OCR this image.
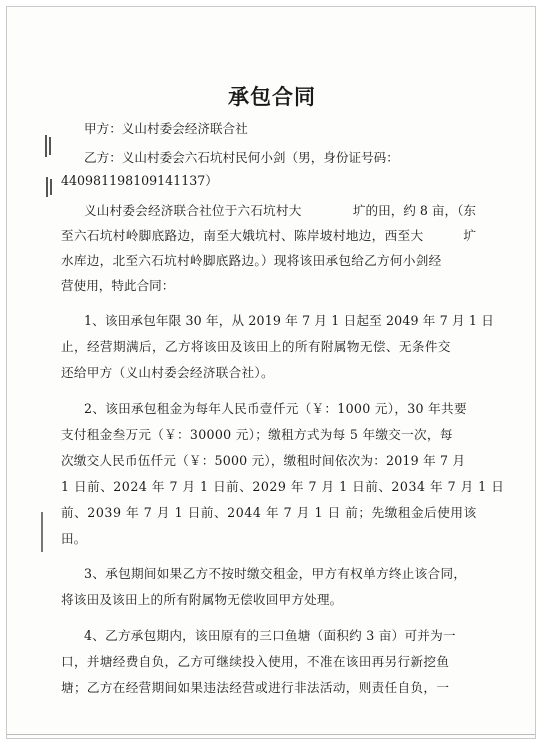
承包合同
甲方：义山村委会经济联合社
乙方：义山村委会六石坑村民何小剑（男，身份证号码：
440981198109141137）
义山村委会经济联合社位于六石坑村大	圹的田，约 8 亩，（东
至六石坑村岭脚底路边，南至大娥坑村、陈岸坡村地边，西至大	圹
水库边，北至六石坑村岭脚底路边。）现将该田承包给乙方何小剑经
营使用，特此合同：
1、该田承包年限 30 年，从 2019 年 7 月 1 日起至 2049 年 7 月 1 日
止，经营期满后，乙方将该田及该田上的所有附属物无偿、无条件交
还给甲方（义山村委会经济联合社）。
2、该田承包租金为每年人民币壹仟元（￥：1000 元），30 年共要
支付租金叁万元（￥：30000 元）；缴租方式为每 5 年缴交一次，每
次缴交人民币伍仟元（￥：5000 元），缴租时间依次为：2019 年 7 月
1 日前、2024 年 7 月 1 日前、2029 年 7 月 1 日前、2034 年 7 月 1 日
前、2039 年 7 月 1 日前、2044 年 7 月 1 日 前；先缴租金后使用该
田。
3、承包期间如果乙方不按时缴交租金，甲方有权单方终止该合同，
将该田及该田上的所有附属物无偿收回甲方处理。
4、乙方承包期内，该田原有的三口鱼塘（面积约 3 亩）可并为一
口，并塘经费自负，乙方可继续投入使用，不准在该田再另行新挖鱼
塘；乙方在经营期间如果违法经营或进行非法活动，则责任自负，一
